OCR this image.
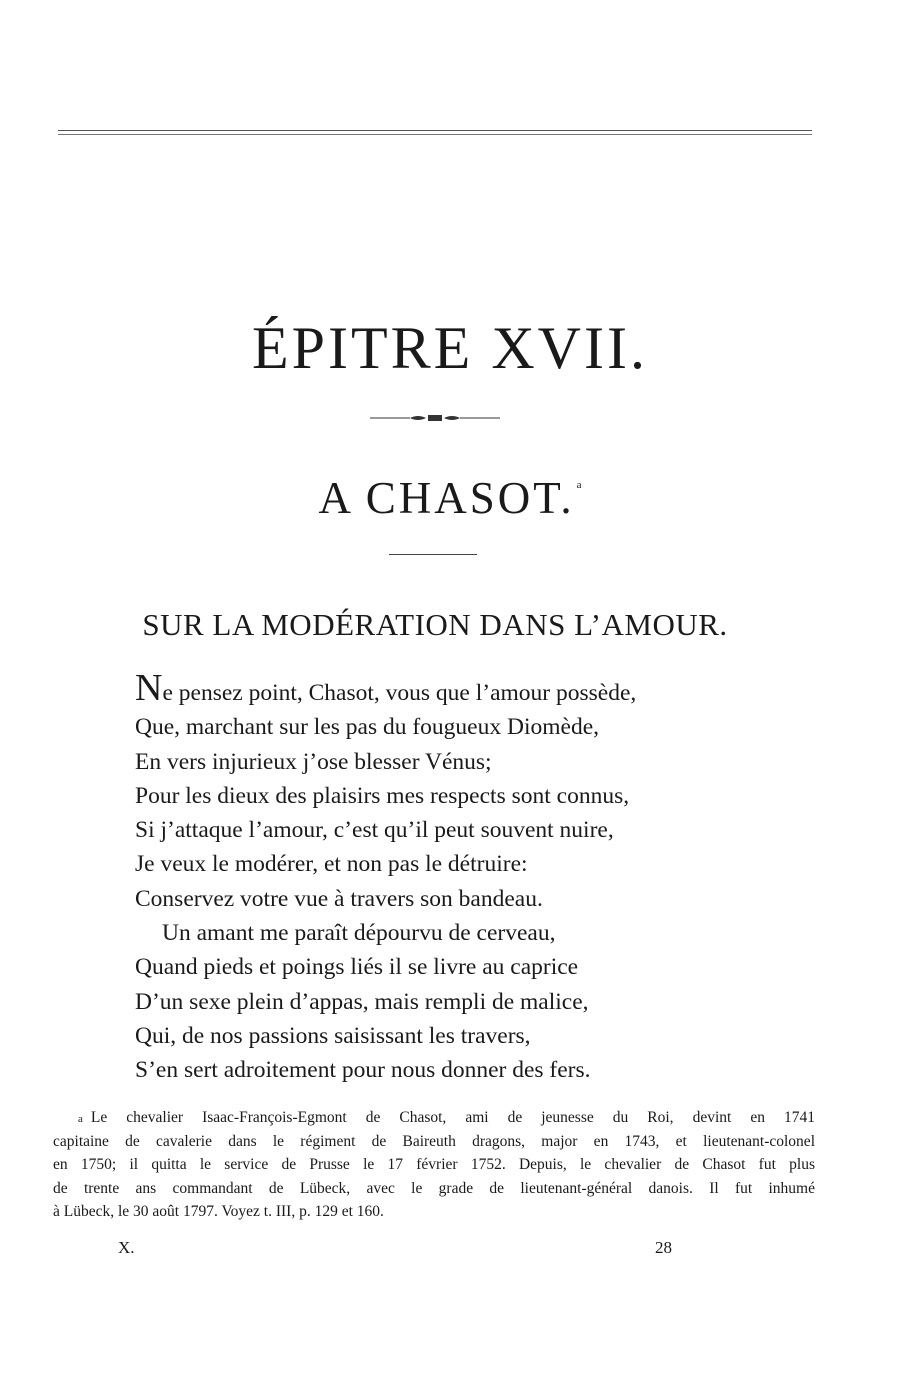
ÉPITRE XVII.
A CHASOT. $^a$
SUR LA MODÉRATION DANS L’AMOUR.
Ne pensez point, Chasot, vous que l’amour possède,
Que, marchant sur les pas du fougueux Diomède,
En vers injurieux j’ose blesser Vénus;
Pour les dieux des plaisirs mes respects sont connus,
Si j’attaque l’amour, c’est qu’il peut souvent nuire,
Je veux le modérer, et non pas le détruire:
Conservez votre vue à travers son bandeau.
Un amant me paraît dépourvu de cerveau,
Quand pieds et poings liés il se livre au caprice
D’un sexe plein d’appas, mais rempli de malice,
Qui, de nos passions saisissant les travers,
S’en sert adroitement pour nous donner des fers.
$^a$ Le chevalier Isaac-François-Egmont de Chasot, ami de jeunesse du Roi, devint en 1741
capitaine de cavalerie dans le régiment de Baireuth dragons, major en 1743, et lieutenant-colonel
en 1750; il quitta le service de Prusse le 17 février 1752. Depuis, le chevalier de Chasot fut plus
de trente ans commandant de Lübeck, avec le grade de lieutenant-général danois. Il fut inhumé
à Lübeck, le 30 août 1797. Voyez t. III, p. 129 et 160.
X.	28
